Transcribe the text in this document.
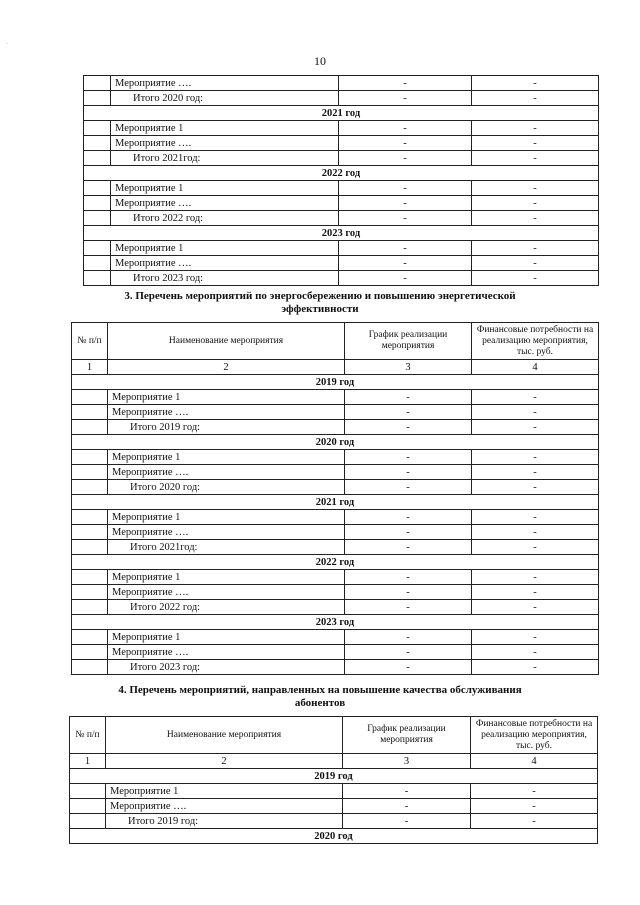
10
·
	Мероприятие ….	-	-
	Итого 2020 год:	-	-
2021 год			
	Мероприятие 1	-	-
	Мероприятие ….	-	-
	Итого 2021год:	-	-
2022 год			
	Мероприятие 1	-	-
	Мероприятие ….	-	-
	Итого 2022 год:	-	-
2023 год			
	Мероприятие 1	-	-
	Мероприятие ….	-	-
	Итого 2023 год:	-	-
3. Перечень мероприятий по энергосбережению и повышению энергетической
эффективности
№ п/п	Наименование мероприятия	График реализации мероприятия	Финансовые потребности на реализацию мероприятия, тыс. руб.
1	2	3	4
2019 год			
	Мероприятие 1	-	-
	Мероприятие ….	-	-
	Итого 2019 год:	-	-
2020 год			
	Мероприятие 1	-	-
	Мероприятие ….	-	-
	Итого 2020 год:	-	-
2021 год			
	Мероприятие 1	-	-
	Мероприятие ….	-	-
	Итого 2021год:	-	-
2022 год			
	Мероприятие 1	-	-
	Мероприятие ….	-	-
	Итого 2022 год:	-	-
2023 год			
	Мероприятие 1	-	-
	Мероприятие ….	-	-
	Итого 2023 год:	-	-
4. Перечень мероприятий, направленных на повышение качества обслуживания
абонентов
№ п/п	Наименование мероприятия	График реализации мероприятия	Финансовые потребности на реализацию мероприятия, тыс. руб.
1	2	3	4
2019 год			
	Мероприятие 1	-	-
	Мероприятие ….	-	-
	Итого 2019 год:	-	-
2020 год			
